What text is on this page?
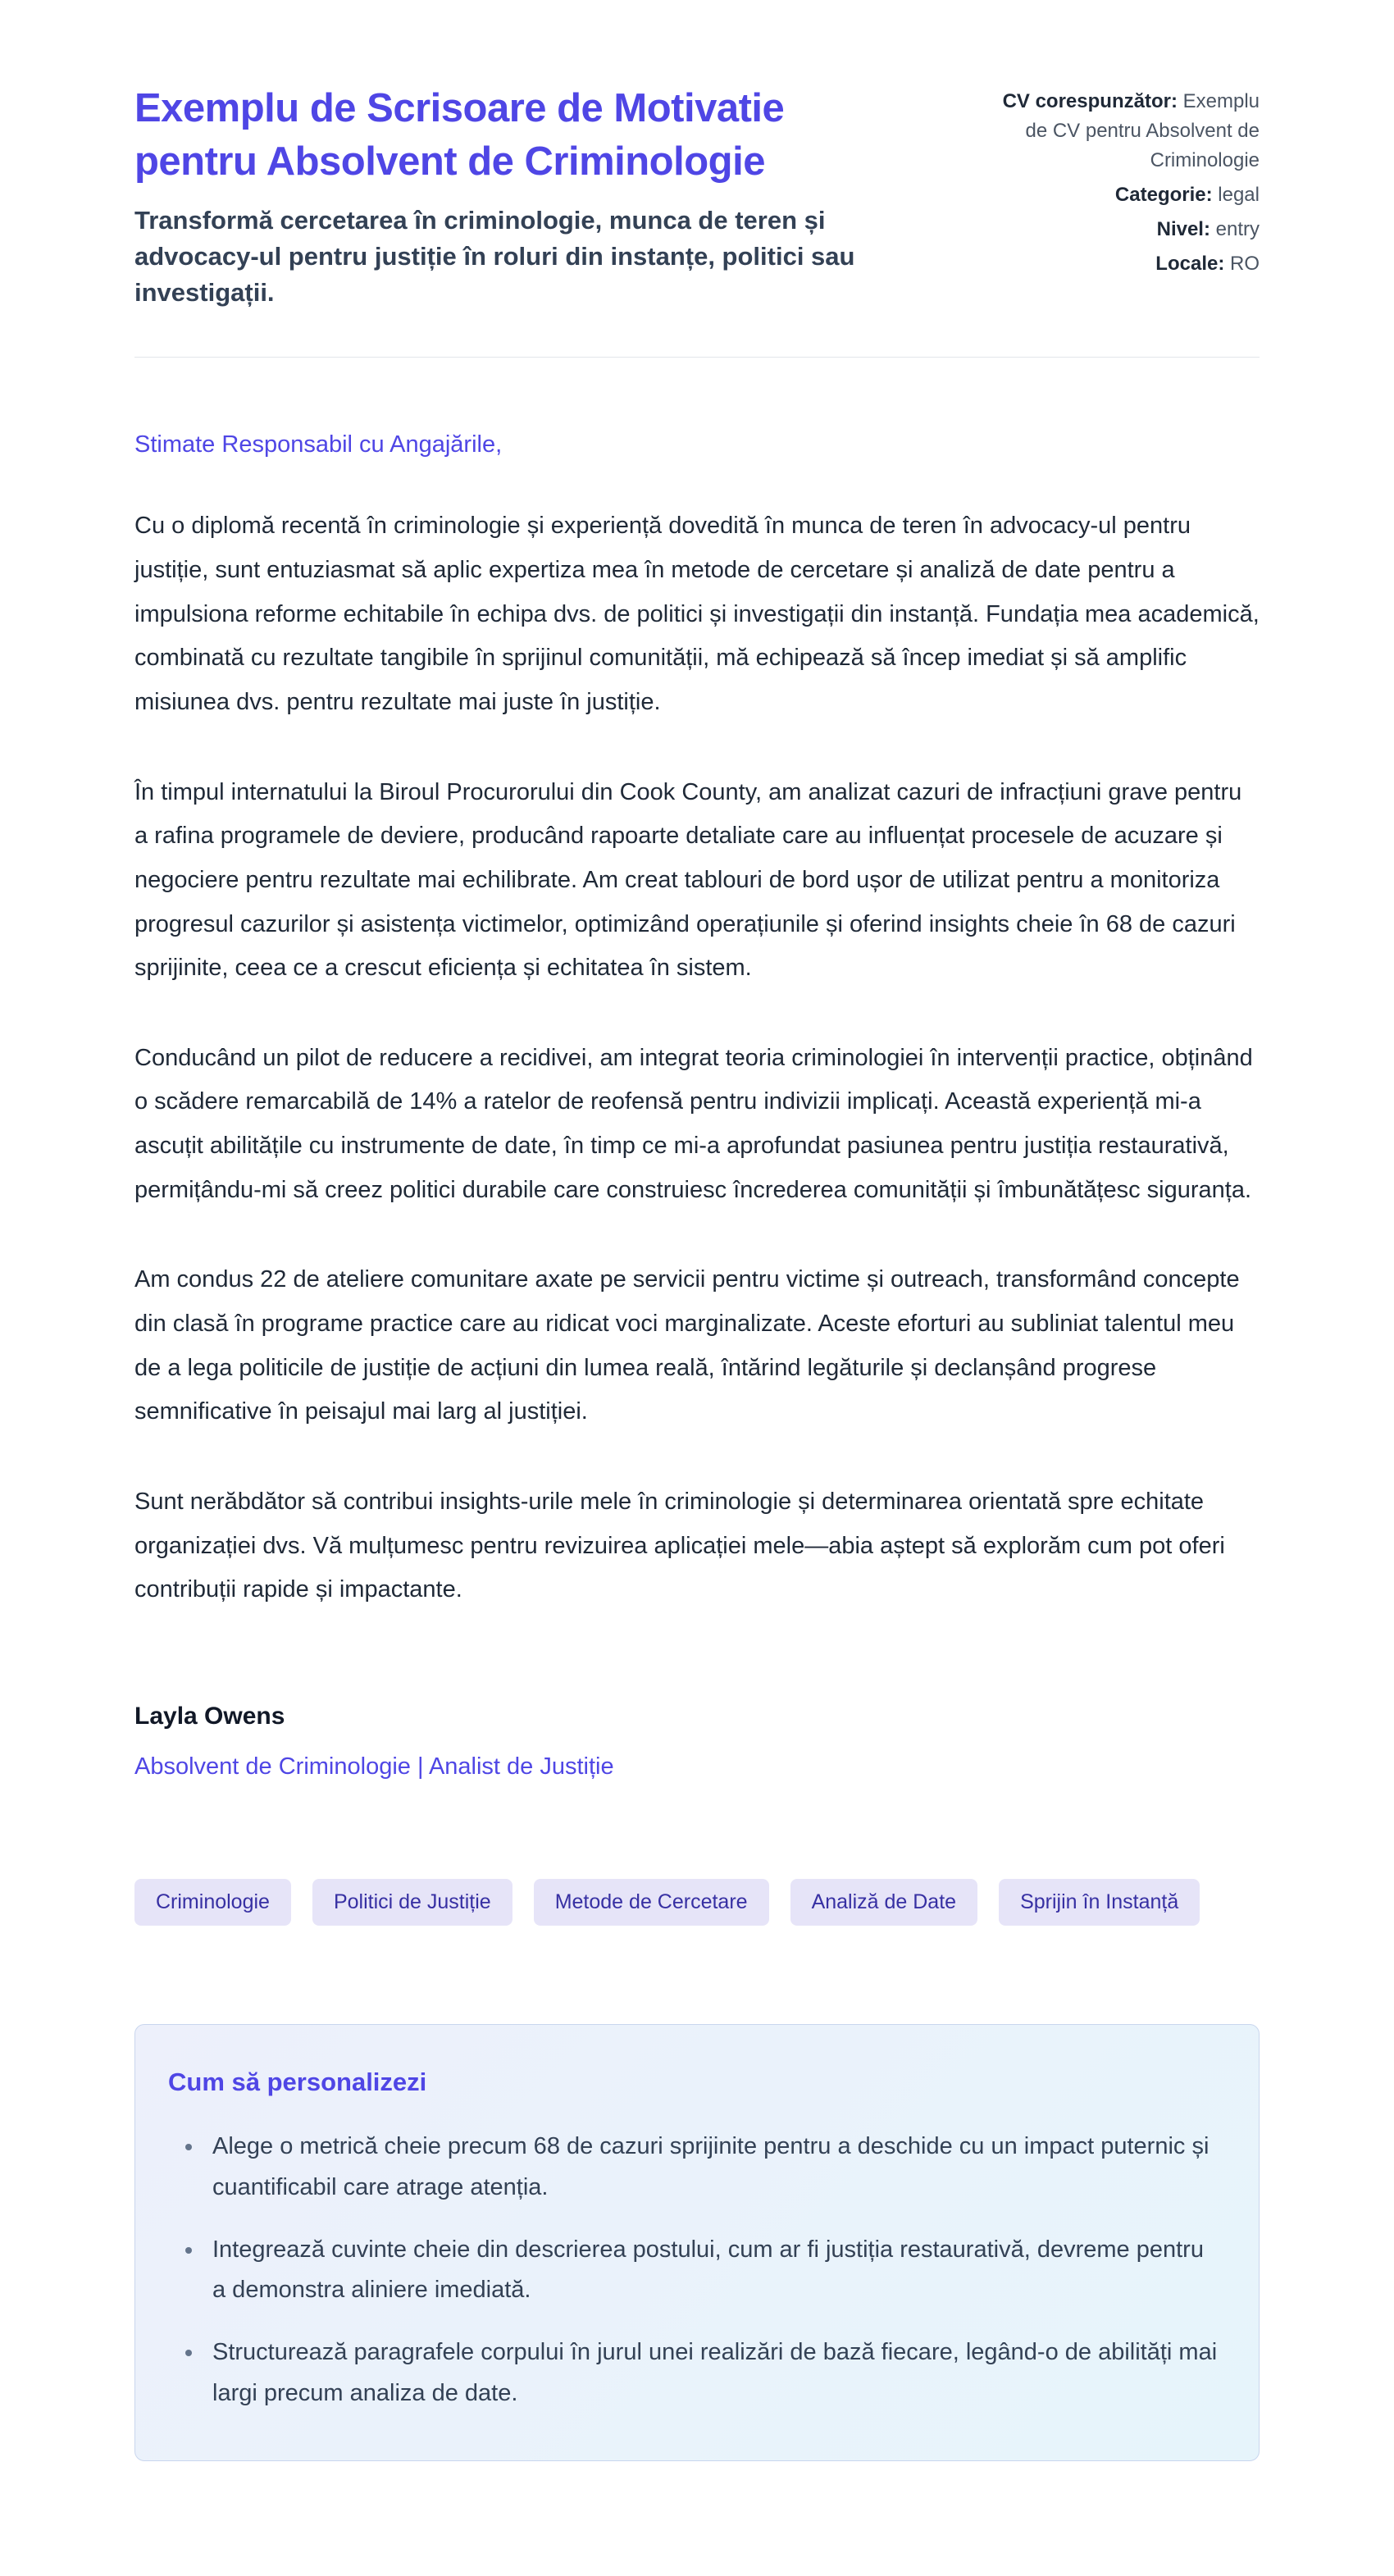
Exemplu de Scrisoare de Motivatie pentru Absolvent de Criminologie

Transformă cercetarea în criminologie, munca de teren și advocacy-ul pentru justiție în roluri din instanțe, politici sau investigații.

CV corespunzător: Exemplu de CV pentru Absolvent de Criminologie
Categorie: legal
Nivel: entry
Locale: RO

Stimate Responsabil cu Angajările,

Cu o diplomă recentă în criminologie și experiență dovedită în munca de teren în advocacy-ul pentru justiție, sunt entuziasmat să aplic expertiza mea în metode de cercetare și analiză de date pentru a impulsiona reforme echitabile în echipa dvs. de politici și investigații din instanță. Fundația mea academică, combinată cu rezultate tangibile în sprijinul comunității, mă echipează să încep imediat și să amplific misiunea dvs. pentru rezultate mai juste în justiție.

În timpul internatului la Biroul Procurorului din Cook County, am analizat cazuri de infracțiuni grave pentru a rafina programele de deviere, producând rapoarte detaliate care au influențat procesele de acuzare și negociere pentru rezultate mai echilibrate. Am creat tablouri de bord ușor de utilizat pentru a monitoriza progresul cazurilor și asistența victimelor, optimizând operațiunile și oferind insights cheie în 68 de cazuri sprijinite, ceea ce a crescut eficiența și echitatea în sistem.

Conducând un pilot de reducere a recidivei, am integrat teoria criminologiei în intervenții practice, obținând o scădere remarcabilă de 14% a ratelor de reofensă pentru indivizii implicați. Această experiență mi-a ascuțit abilitățile cu instrumente de date, în timp ce mi-a aprofundat pasiunea pentru justiția restaurativă, permițându-mi să creez politici durabile care construiesc încrederea comunității și îmbunătățesc siguranța.

Am condus 22 de ateliere comunitare axate pe servicii pentru victime și outreach, transformând concepte din clasă în programe practice care au ridicat voci marginalizate. Aceste eforturi au subliniat talentul meu de a lega politicile de justiție de acțiuni din lumea reală, întărind legăturile și declanșând progrese semnificative în peisajul mai larg al justiției.

Sunt nerăbdător să contribui insights-urile mele în criminologie și determinarea orientată spre echitate organizației dvs. Vă mulțumesc pentru revizuirea aplicației mele—abia aștept să explorăm cum pot oferi contribuții rapide și impactante.

Layla Owens

Absolvent de Criminologie | Analist de Justiție

Criminologie	Politici de Justiție	Metode de Cercetare	Analiză de Date	Sprijin în Instanță
Cum să personalizezi
• Alege o metrică cheie precum 68 de cazuri sprijinite pentru a deschide cu un impact puternic și cuantificabil care atrage atenția.
• Integrează cuvinte cheie din descrierea postului, cum ar fi justiția restaurativă, devreme pentru a demonstra aliniere imediată.
• Structurează paragrafele corpului în jurul unei realizări de bază fiecare, legând-o de abilități mai largi precum analiza de date.
